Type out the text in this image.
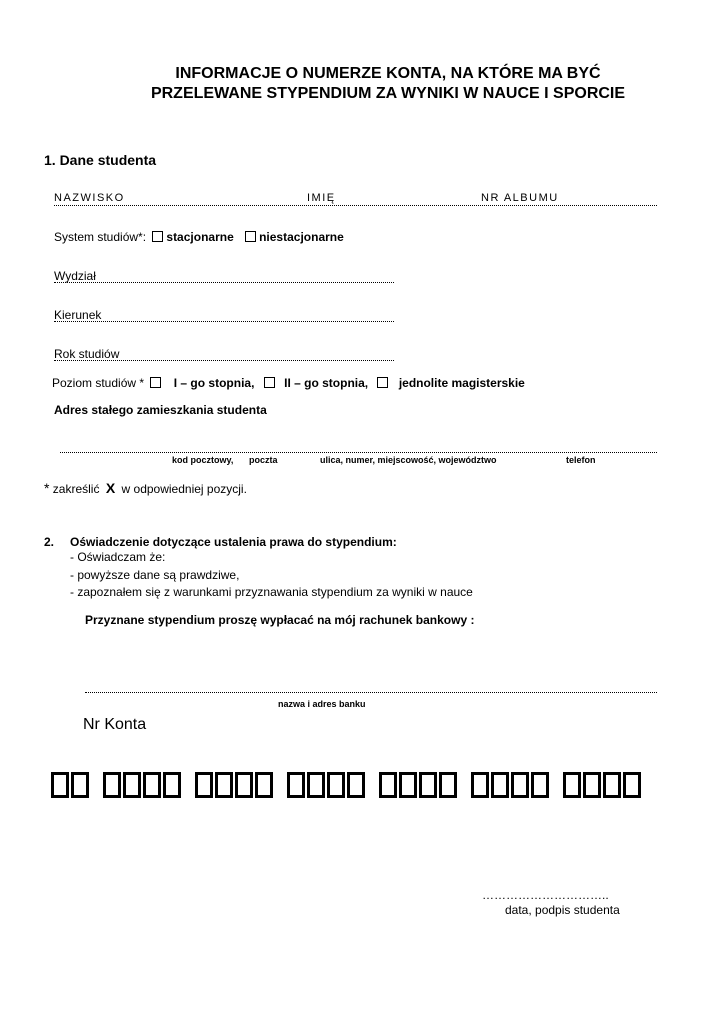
INFORMACJE O NUMERZE KONTA, NA KTÓRE MA BYĆ
PRZELEWANE STYPENDIUM ZA WYNIKI W NAUCE I SPORCIE
1. Dane studenta
NAZWISKO	IMIĘ	NR ALBUMU
System studiów*: stacjonarne niestacjonarne
Wydział
Kierunek
Rok studiów
Poziom studiów * I – go stopnia, II – go stopnia,	jednolite magisterskie
Adres stałego zamieszkania studenta
kod pocztowy, poczta	ulica, numer, miejscowość, województwo	telefon
* zakreślić X w odpowiedniej pozycji.
2. Oświadczenie dotyczące ustalenia prawa do stypendium:
- Oświadczam że:
- powyższe dane są prawdziwe,
- zapoznałem się z warunkami przyznawania stypendium za wyniki w nauce
Przyznane stypendium proszę wypłacać na mój rachunek bankowy :
nazwa i adres banku
Nr Konta
…………………………..
data, podpis studenta
